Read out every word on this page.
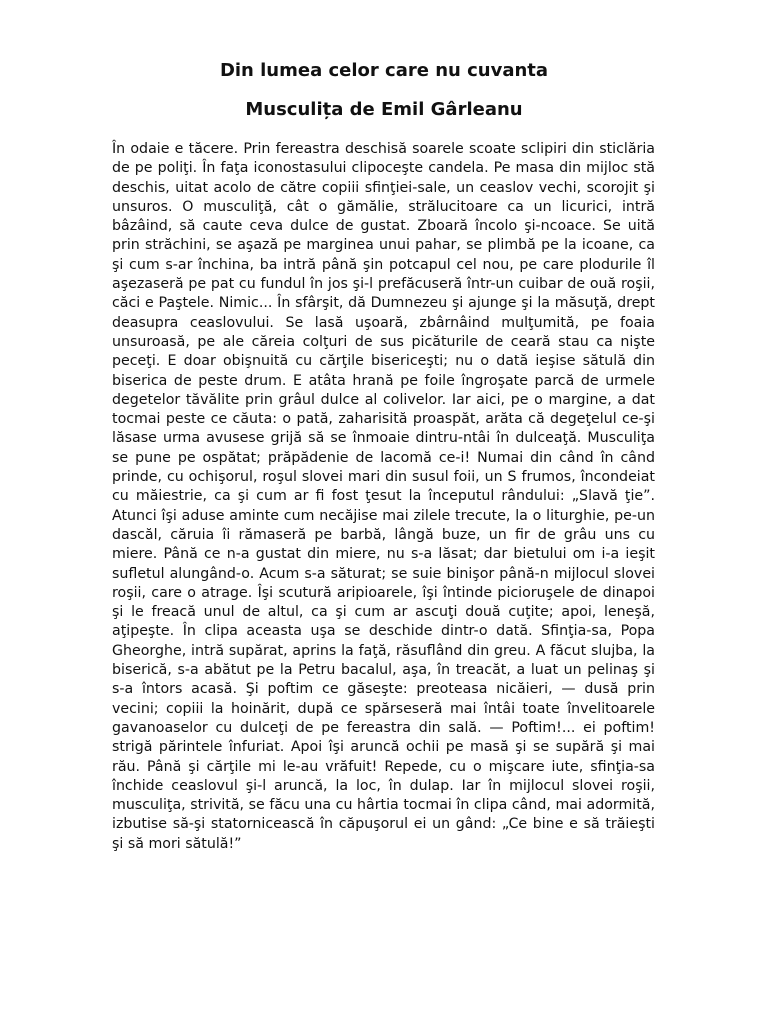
Din lumea celor care nu cuvanta
Musculița de Emil Gârleanu

În odaie e tăcere. Prin fereastra deschisă soarele scoate sclipiri din sticlăria de pe poliţi. În faţa iconostasului clipoceşte candela. Pe masa din mijloc stă deschis, uitat acolo de către copiii sfinţiei-sale, un ceaslov vechi, scorojit şi unsuros. O musculiţă, cât o gămălie, strălucitoare ca un licurici, intră bâzâind, să caute ceva dulce de gustat. Zboară încolo şi-ncoace. Se uită prin străchini, se aşază pe marginea unui pahar, se plimbă pe la icoane, ca şi cum s-ar închina, ba intră până şin potcapul cel nou, pe care plodurile îl aşezaseră pe pat cu fundul în jos şi-l prefăcuseră într-un cuibar de ouă roşii, căci e Paştele. Nimic... În sfârşit, dă Dumnezeu şi ajunge şi la măsuţă, drept deasupra ceaslovului. Se lasă uşoară, zbârnâind mulţumită, pe foaia unsuroasă, pe ale căreia colţuri de sus picăturile de ceară stau ca nişte peceţi. E doar obişnuită cu cărţile bisericeşti; nu o dată ieşise sătulă din biserica de peste drum. E atâta hrană pe foile îngroşate parcă de urmele degetelor tăvălite prin grâul dulce al colivelor. Iar aici, pe o margine, a dat tocmai peste ce căuta: o pată, zaharisită proaspăt, arăta că degeţelul ce-şi lăsase urma avusese grijă să se înmoaie dintru-ntâi în dulceaţă. Musculiţa se pune pe ospătat; prăpădenie de lacomă ce-i! Numai din când în când prinde, cu ochişorul, roşul slovei mari din susul foii, un S frumos, încondeiat cu măiestrie, ca şi cum ar fi fost ţesut la începutul rândului: „Slavă ţie”. Atunci îşi aduse aminte cum necăjise mai zilele trecute, la o liturghie, pe-un dascăl, căruia îi rămaseră pe barbă, lângă buze, un fir de grâu uns cu miere. Până ce n-a gustat din miere, nu s-a lăsat; dar bietului om i-a ieşit sufletul alungând-o. Acum s-a săturat; se suie binişor până-n mijlocul slovei roşii, care o atrage. Îşi scutură aripioarele, îşi întinde picioruşele de dinapoi şi le freacă unul de altul, ca şi cum ar ascuţi două cuţite; apoi, leneşă, aţipeşte. În clipa aceasta uşa se deschide dintr-o dată. Sfinţia-sa, Popa Gheorghe, intră supărat, aprins la faţă, răsuflând din greu. A făcut slujba, la biserică, s-a abătut pe la Petru bacalul, aşa, în treacăt, a luat un pelinaş şi s-a întors acasă. Şi poftim ce găseşte: preoteasa nicăieri, — dusă prin vecini; copiii la hoinărit, după ce spărseseră mai întâi toate învelitoarele gavanoaselor cu dulceţi de pe fereastra din sală. — Poftim!... ei poftim! strigă părintele înfuriat. Apoi îşi aruncă ochii pe masă şi se supără şi mai rău. Până şi cărţile mi le-au vrăfuit! Repede, cu o mişcare iute, sfinţia-sa închide ceaslovul şi-l aruncă, la loc, în dulap. Iar în mijlocul slovei roşii, musculiţa, strivită, se făcu una cu hârtia tocmai în clipa când, mai adormită, izbutise să-şi statornicească în căpuşorul ei un gând: „Ce bine e să trăieşti şi să mori sătulă!”
